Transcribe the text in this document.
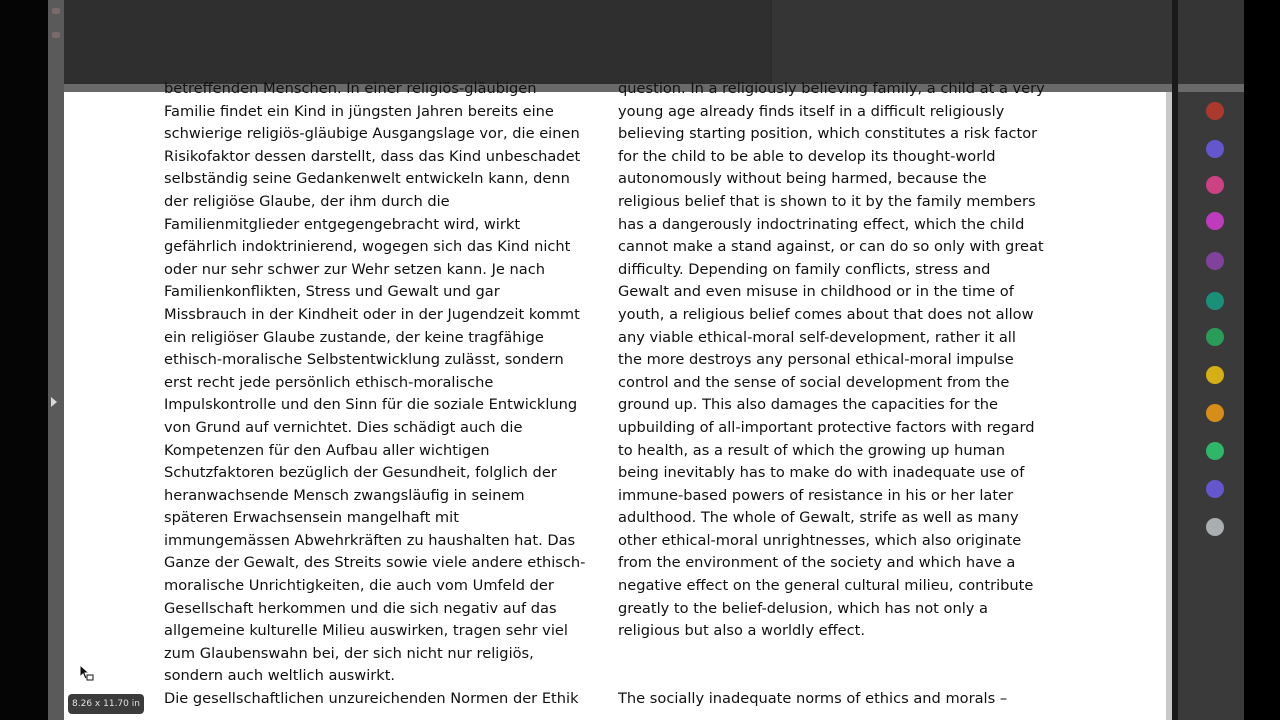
betreffenden Menschen. In einer religiös-gläubigen
Familie findet ein Kind in jüngsten Jahren bereits eine
schwierige religiös-gläubige Ausgangslage vor, die einen
Risikofaktor dessen darstellt, dass das Kind unbeschadet
selbständig seine Gedankenwelt entwickeln kann, denn
der religiöse Glaube, der ihm durch die
Familienmitglieder entgegengebracht wird, wirkt
gefährlich indoktrinierend, wogegen sich das Kind nicht
oder nur sehr schwer zur Wehr setzen kann. Je nach
Familienkonflikten, Stress und Gewalt und gar
Missbrauch in der Kindheit oder in der Jugendzeit kommt
ein religiöser Glaube zustande, der keine tragfähige
ethisch-moralische Selbstentwicklung zulässt, sondern
erst recht jede persönlich ethisch-moralische
Impulskontrolle und den Sinn für die soziale Entwicklung
von Grund auf vernichtet. Dies schädigt auch die
Kompetenzen für den Aufbau aller wichtigen
Schutzfaktoren bezüglich der Gesundheit, folglich der
heranwachsende Mensch zwangsläufig in seinem
späteren Erwachsensein mangelhaft mit
immungemässen Abwehrkräften zu haushalten hat. Das
Ganze der Gewalt, des Streits sowie viele andere ethisch-
moralische Unrichtigkeiten, die auch vom Umfeld der
Gesellschaft herkommen und die sich negativ auf das
allgemeine kulturelle Milieu auswirken, tragen sehr viel
zum Glaubenswahn bei, der sich nicht nur religiös,
sondern auch weltlich auswirkt.
Die gesellschaftlichen unzureichenden Normen der Ethik
question. In a religiously believing family, a child at a very
young age already finds itself in a difficult religiously
believing starting position, which constitutes a risk factor
for the child to be able to develop its thought-world
autonomously without being harmed, because the
religious belief that is shown to it by the family members
has a dangerously indoctrinating effect, which the child
cannot make a stand against, or can do so only with great
difficulty. Depending on family conflicts, stress and
Gewalt and even misuse in childhood or in the time of
youth, a religious belief comes about that does not allow
any viable ethical-moral self-development, rather it all
the more destroys any personal ethical-moral impulse
control and the sense of social development from the
ground up. This also damages the capacities for the
upbuilding of all-important protective factors with regard
to health, as a result of which the growing up human
being inevitably has to make do with inadequate use of
immune-based powers of resistance in his or her later
adulthood. The whole of Gewalt, strife as well as many
other ethical-moral unrightnesses, which also originate
from the environment of the society and which have a
negative effect on the general cultural milieu, contribute
greatly to the belief-delusion, which has not only a
religious but also a worldly effect.
The socially inadequate norms of ethics and morals –
8.26 x 11.70 in
